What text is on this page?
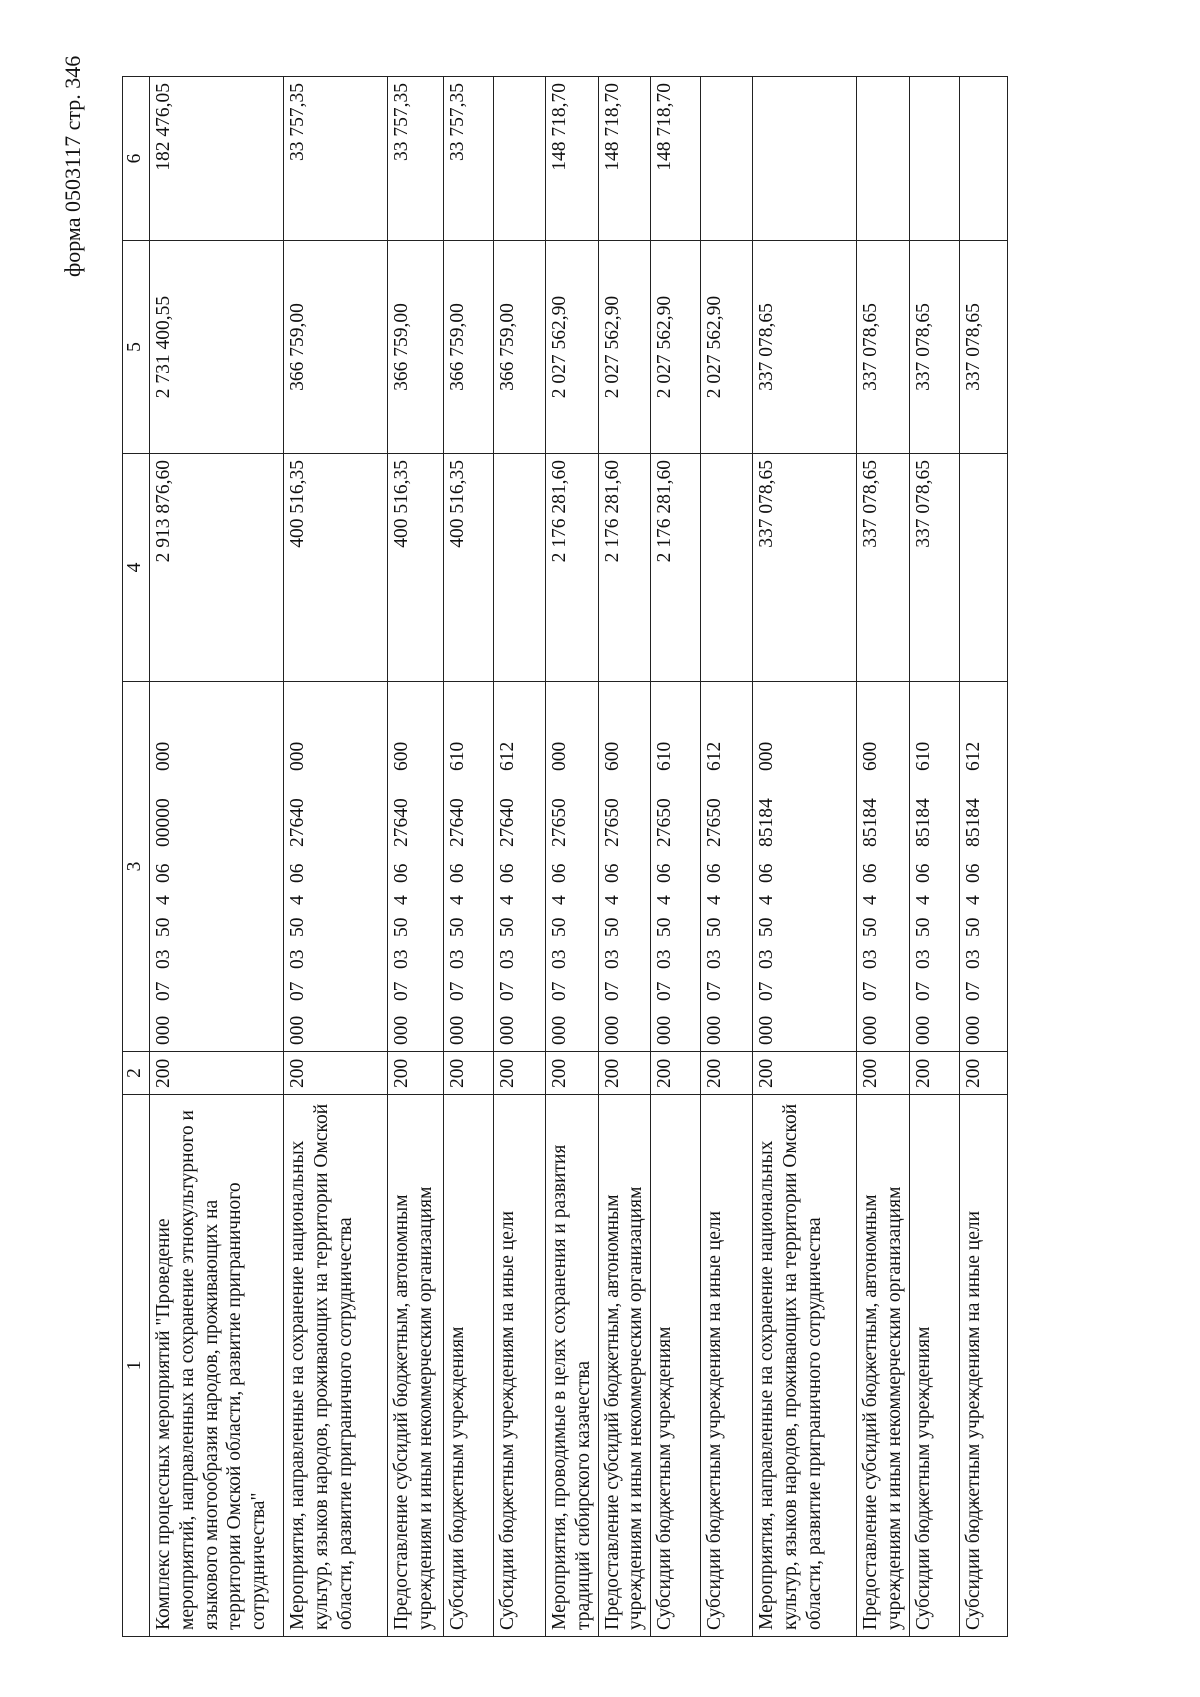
форма 0503117 стр. 346
1	2	3	4	5	6
Комплекс процессных мероприятий "Проведение мероприятий, направленных на сохранение этнокультурного и языкового многообразия народов, проживающих на территории Омской области, развитие приграничного сотрудничества"	200	00007035040600000000	2 913 876,60	2 731 400,55	182 476,05
Мероприятия, направленные на сохранение национальных культур, языков народов, проживающих на территории Омской области, развитие приграничного сотрудничества	200	00007035040627640000	400 516,35	366 759,00	33 757,35
Предоставление субсидий бюджетным, автономным учреждениям и иным некоммерческим организациям	200	00007035040627640600	400 516,35	366 759,00	33 757,35
Субсидии бюджетным учреждениям	200	00007035040627640610	400 516,35	366 759,00	33 757,35
Субсидии бюджетным учреждениям на иные цели	200	00007035040627640612		366 759,00	
Мероприятия, проводимые в целях сохранения и развития традиций сибирского казачества	200	00007035040627650000	2 176 281,60	2 027 562,90	148 718,70
Предоставление субсидий бюджетным, автономным учреждениям и иным некоммерческим организациям	200	00007035040627650600	2 176 281,60	2 027 562,90	148 718,70
Субсидии бюджетным учреждениям	200	00007035040627650610	2 176 281,60	2 027 562,90	148 718,70
Субсидии бюджетным учреждениям на иные цели	200	00007035040627650612		2 027 562,90	
Мероприятия, направленные на сохранение национальных культур, языков народов, проживающих на территории Омской области, развитие приграничного сотрудничества	200	00007035040685184000	337 078,65	337 078,65	
Предоставление субсидий бюджетным, автономным учреждениям и иным некоммерческим организациям	200	00007035040685184600	337 078,65	337 078,65	
Субсидии бюджетным учреждениям	200	00007035040685184610	337 078,65	337 078,65	
Субсидии бюджетным учреждениям на иные цели	200	00007035040685184612		337 078,65	
